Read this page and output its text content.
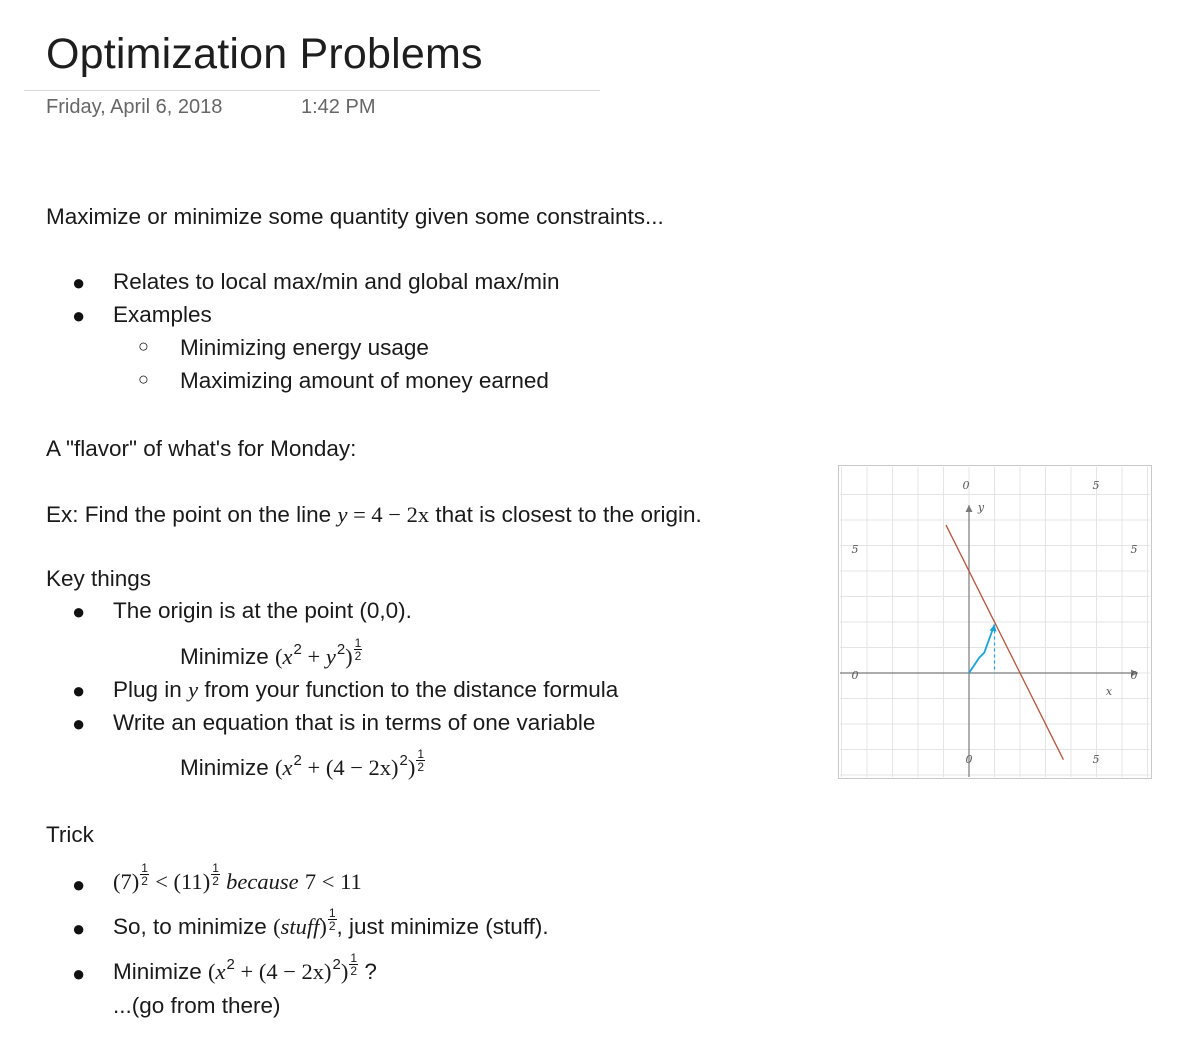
Optimization Problems
Friday, April 6, 2018	1:42 PM
Maximize or minimize some quantity given some constraints...
● Relates to local max/min and global max/min
● Examples
○ Minimizing energy usage
○ Maximizing amount of money earned
A "flavor" of what's for Monday:
Ex: Find the point on the line y = 4 − 2x that is closest to the origin.
Key things
● The origin is at the point (0,0).
Minimize $(x^2 + y^2) \frac{1}{2}$
● Plug in y from your function to the distance formula
● Write an equation that is in terms of one variable
Minimize $(x^2 + (4 - 2x)^2) \frac{1}{2}$
Trick
● $(7) \frac{1}{2} < (11) \frac{1}{2}$ because 7 < 11
● So, to minimize (stuff) $\frac{1}{2}$ , just minimize (stuff).
● Minimize $(x^2 + (4 - 2x)^2) \frac{1}{2}$ ?
...(go from there)
0	5
5	5
0	0
0	5
y
x
